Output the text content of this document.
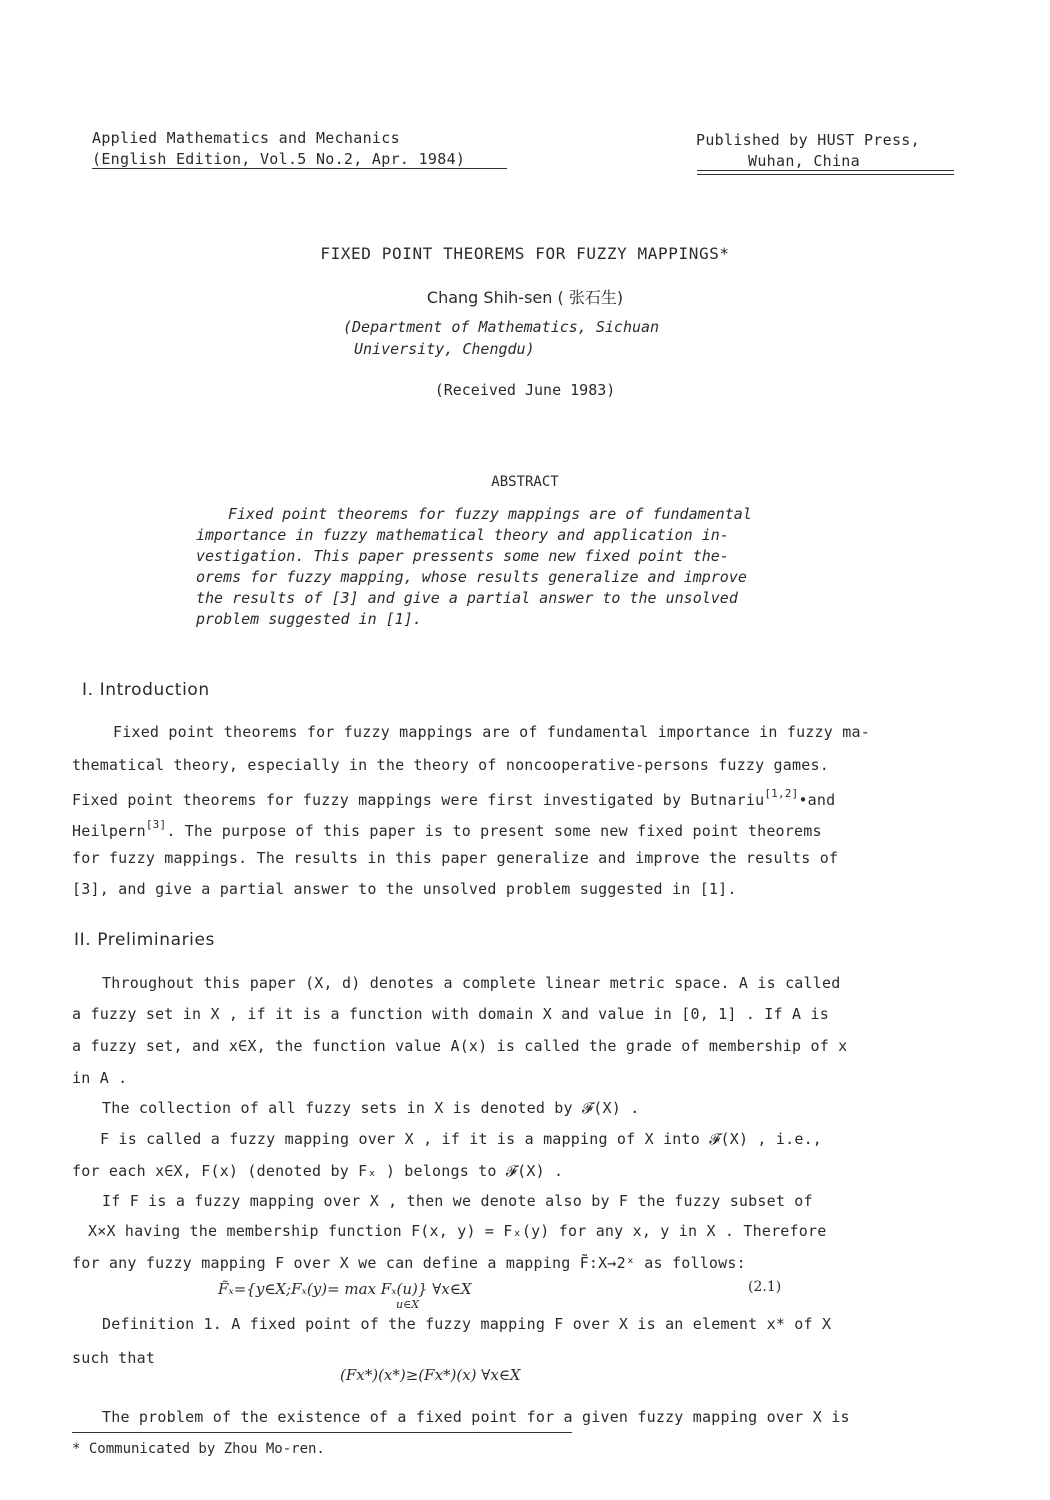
Applied Mathematics and Mechanics
(English Edition, Vol.5 No.2, Apr. 1984)
Published by HUST Press,
Wuhan, China
FIXED POINT THEOREMS FOR FUZZY MAPPINGS*
Chang Shih-sen ( 张石生)
(Department of Mathematics, Sichuan
University, Chengdu)
(Received June 1983)
ABSTRACT
Fixed point theorems for fuzzy mappings are of fundamental
importance in fuzzy mathematical theory and application in-
vestigation. This paper pressents some new fixed point the-
orems for fuzzy mapping, whose results generalize and improve
the results of [3] and give a partial answer to the unsolved
problem suggested in [1].
I. Introduction
Fixed point theorems for fuzzy mappings are of fundamental importance in fuzzy ma-
thematical theory, especially in the theory of noncooperative-persons fuzzy games.
Fixed point theorems for fuzzy mappings were first investigated by Butnariu[1,2]•and
Heilpern[3]. The purpose of this paper is to present some new fixed point theorems
for fuzzy mappings. The results in this paper generalize and improve the results of
[3], and give a partial answer to the unsolved problem suggested in [1].
II. Preliminaries
Throughout this paper (X, d) denotes a complete linear metric space. A is called
a fuzzy set in X , if it is a function with domain X and value in [0, 1] . If A is
a fuzzy set, and x∈X, the function value A(x) is called the grade of membership of x
in A .
The collection of all fuzzy sets in X is denoted by 𝓕(X) .
F is called a fuzzy mapping over X , if it is a mapping of X into 𝓕(X) , i.e.,
for each x∈X, F(x) (denoted by Fₓ ) belongs to 𝓕(X) .
If F is a fuzzy mapping over X , then we denote also by F the fuzzy subset of
X×X having the membership function F(x, y) = Fₓ(y) for any x, y in X . Therefore
for any fuzzy mapping F over X we can define a mapping F̃:X→2ˣ as follows:
F̃ₓ={y∈X;Fₓ(y)= max Fₓ(u)} ∀x∈X
u∈X
(2.1)
Definition 1. A fixed point of the fuzzy mapping F over X is an element x* of X
such that
(Fx*)(x*)≥(Fx*)(x) ∀x∈X
The problem of the existence of a fixed point for a given fuzzy mapping over X is
* Communicated by Zhou Mo-ren.
